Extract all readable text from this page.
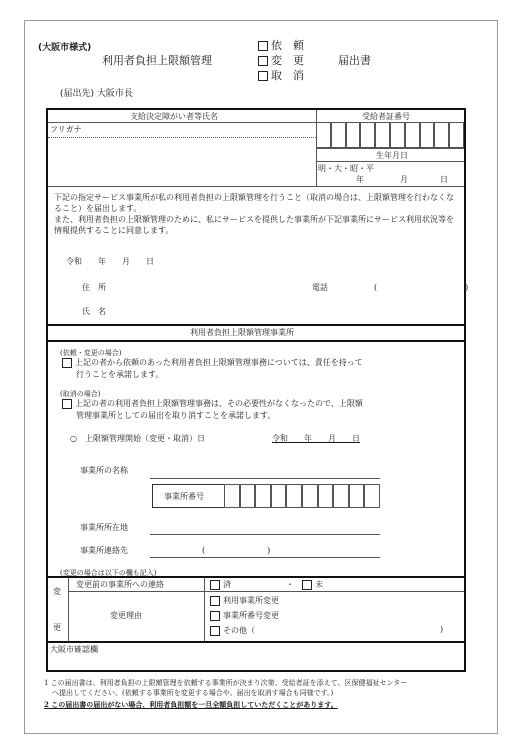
(大阪市様式)
利用者負担上限額管理
依　頼
変　更
取　消
届出書
(届出先) 大阪市長
支給決定障がい者等氏名	受給者証番号
フリガナ
生年月日
明・大・昭・平
年	月	日
下記の指定サービス事業所が私の利用者負担の上限額管理を行うこと（取消の場合は、上限額管理を行わなくなること）を届出します。
また、利用者負担の上限額管理のために、私にサービスを提供した事業所が下記事業所にサービス利用状況等を情報提供することに同意します。
令和　　年　　月　　日
住　所	電話	(　　　　　)
氏　名
利用者負担上限額管理事業所
(依頼・変更の場合)
上記の者から依頼のあった利用者負担上限額管理事務については、責任を持って
行うことを承諾します。
(取消の場合)
上記の者の利用者負担上限額管理事務は、その必要性がなくなったので、上限額
管理事業所としての届出を取り消すことを承諾します。
○　上限額管理開始（変更・取消）日	令和　　年　　月　　日
事業所の名称
事業所番号
事業所所在地
事業所連絡先	(　　　　)
(変更の場合は以下の欄も記入)
変
更
変更前の事業所への連絡	済	・	未
変更理由
利用事業所変更
事業所番号変更
その他（	)
大阪市確認欄
1 この届出書は、利用者負担の上限額管理を依頼する事業所が決まり次第、受給者証を添えて、区保健福祉センター
へ提出してください。(依頼する事業所を変更する場合や、届出を取消す場合も同様です。)
2 この届出書の届出がない場合、利用者負担額を一旦全額負担していただくことがあります。
